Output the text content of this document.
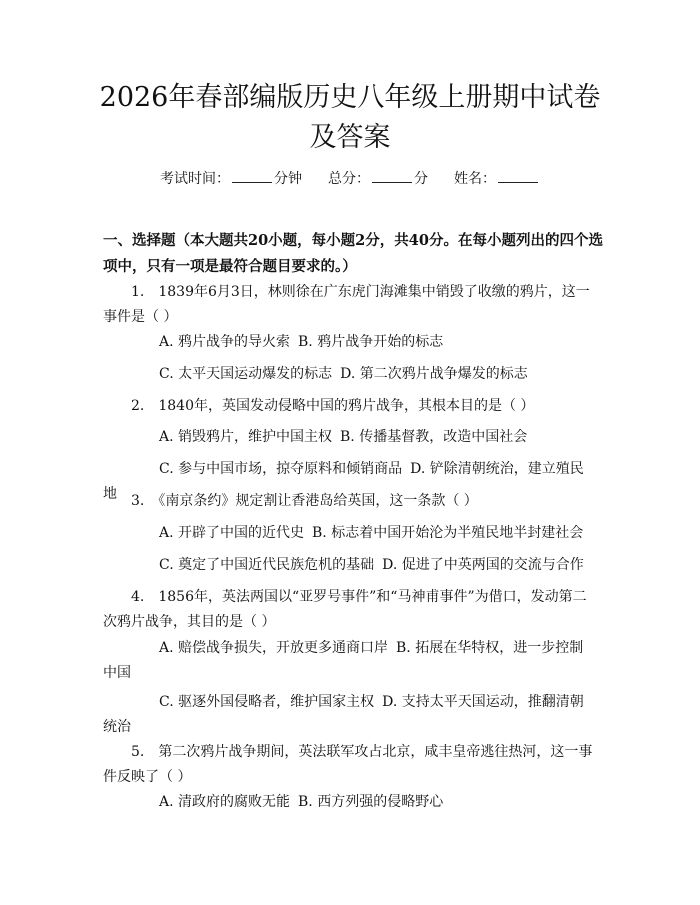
2026年春部编版历史八年级上册期中试卷及答案
考试时间：	分钟 总分：	分 姓名：

一、选择题（本大题共20小题，每小题2分，共40分。在每小题列出的四个选项中，只有一项是最符合题目要求的。）

1.　1839年6月3日，林则徐在广东虎门海滩集中销毁了收缴的鸦片，这一事件是（ ）

A. 鸦片战争的导火索 B. 鸦片战争开始的标志

C. 太平天国运动爆发的标志 D. 第二次鸦片战争爆发的标志

2.　1840年，英国发动侵略中国的鸦片战争，其根本目的是（ ）

A. 销毁鸦片，维护中国主权 B. 传播基督教，改造中国社会

C. 参与中国市场，掠夺原料和倾销商品 D. 铲除清朝统治，建立殖民地	3.　《南京条约》规定割让香港岛给英国，这一条款（ ）

A. 开辟了中国的近代史 B. 标志着中国开始沦为半殖民地半封建社会

C. 奠定了中国近代民族危机的基础 D. 促进了中英两国的交流与合作

4.　1856年，英法两国以“亚罗号事件”和“马神甫事件”为借口，发动第二次鸦片战争，其目的是（ ）

A. 赔偿战争损失，开放更多通商口岸 B. 拓展在华特权，进一步控制中国

C. 驱逐外国侵略者，维护国家主权 D. 支持太平天国运动，推翻清朝统治

5.　第二次鸦片战争期间，英法联军攻占北京，咸丰皇帝逃往热河，这一事件反映了（ ）

A. 清政府的腐败无能 B. 西方列强的侵略野心
